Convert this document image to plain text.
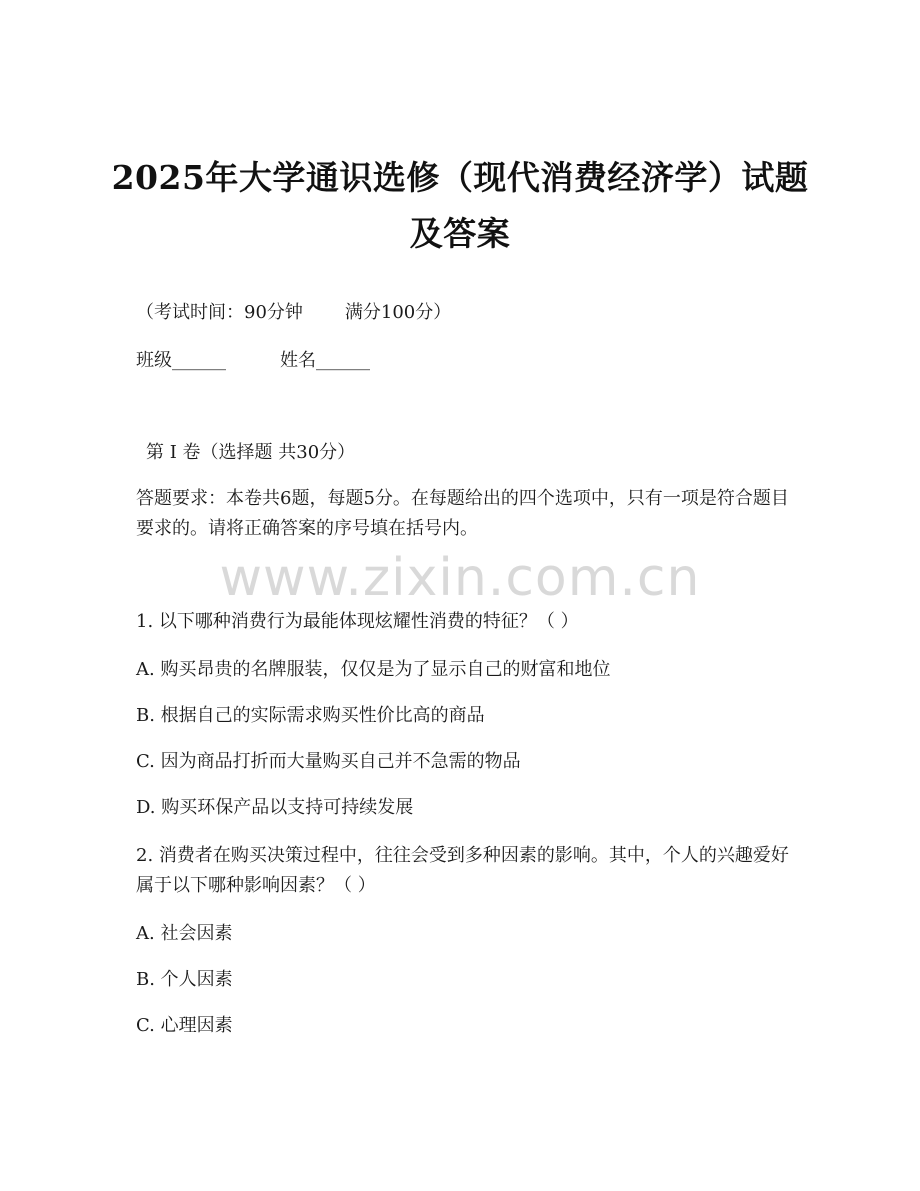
2025年大学通识选修（现代消费经济学）试题及答案
（考试时间：90分钟 满分100分）
班级______	姓名______
第 I 卷（选择题 共30分）
答题要求：本卷共6题，每题5分。在每题给出的四个选项中，只有一项是符合题目要求的。请将正确答案的序号填在括号内。
www.zixin.com.cn
1. 以下哪种消费行为最能体现炫耀性消费的特征？（ ）
A. 购买昂贵的名牌服装，仅仅是为了显示自己的财富和地位
B. 根据自己的实际需求购买性价比高的商品
C. 因为商品打折而大量购买自己并不急需的物品
D. 购买环保产品以支持可持续发展
2. 消费者在购买决策过程中，往往会受到多种因素的影响。其中，个人的兴趣爱好属于以下哪种影响因素？（ ）
A. 社会因素
B. 个人因素
C. 心理因素
